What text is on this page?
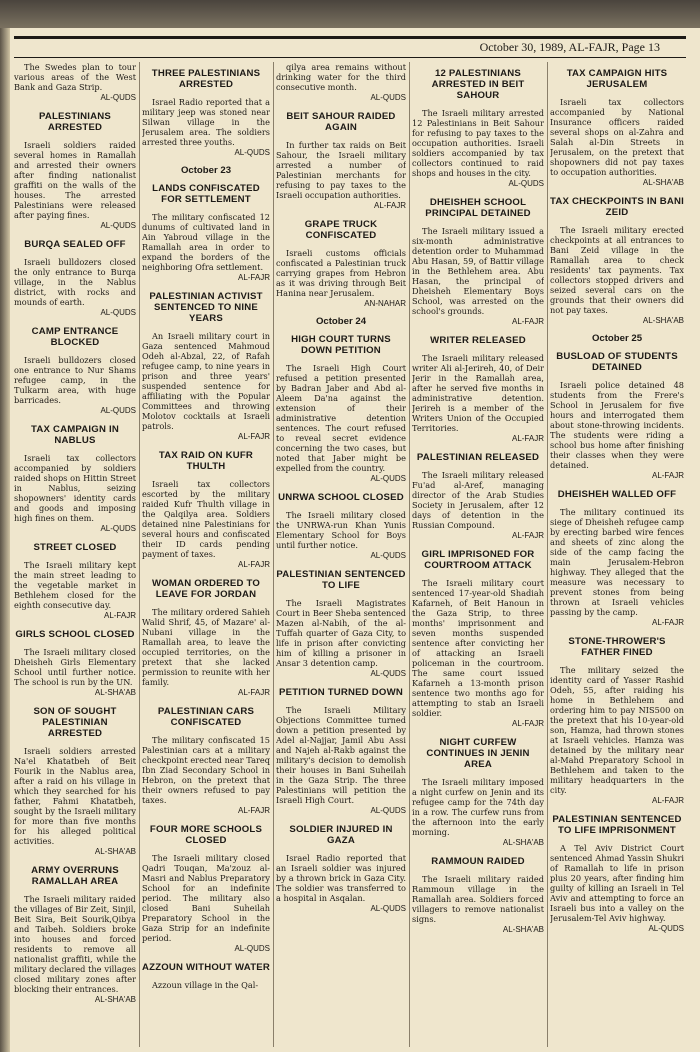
October 30, 1989, AL-FAJR, Page 13

The Swedes plan to tour various areas of the West Bank and Gaza Strip.

AL-QUDS
PALESTINIANS ARRESTED

Israeli soldiers raided several homes in Ramallah and arrested their owners after finding nationalist graffiti on the walls of the houses. The arrested Palestinians were released after paying fines.

AL-QUDS
BURQA SEALED OFF

Israeli bulldozers closed the only entrance to Burqa village, in the Nablus district, with rocks and mounds of earth.

AL-QUDS
CAMP ENTRANCE BLOCKED

Israeli bulldozers closed one entrance to Nur Shams refugee camp, in the Tulkarm area, with huge barricades.

AL-QUDS
TAX CAMPAIGN IN NABLUS

Israeli tax collectors accompanied by soldiers raided shops on Hittin Street in Nablus, seizing shopowners' identity cards and goods and imposing high fines on them.

AL-QUDS
STREET CLOSED

The Israeli military kept the main street leading to the vegetable market in Bethlehem closed for the eighth consecutive day.

AL-FAJR
GIRLS SCHOOL CLOSED

The Israeli military closed Dheisheh Girls Elementary School until further notice. The school is run by the UN.

AL-SHA'AB
SON OF SOUGHT PALESTINIAN ARRESTED

Israeli soldiers arrested Na'el Khatatbeh of Beit Fourik in the Nablus area, after a raid on his village in which they searched for his father, Fahmi Khatatbeh, sought by the Israeli military for more than five months for his alleged political activities.

AL-SHA'AB
ARMY OVERRUNS RAMALLAH AREA

The Israeli military raided the villages of Bir Zeit, Sinjil, Beit Sira, Beit Sourik,Qibya and Taibeh. Soldiers broke into houses and forced residents to remove all nationalist graffiti, while the military declared the villages closed military zones after blocking their entrances.

AL-SHA'AB
THREE PALESTINIANS ARRESTED

Israel Radio reported that a military jeep was stoned near Silwan village in the Jerusalem area. The soldiers arrested three youths.

AL-QUDS
October 23
LANDS CONFISCATED FOR SETTLEMENT

The military confiscated 12 dunums of cultivated land in Ain Yabroud village in the Ramallah area in order to expand the borders of the neighboring Ofra settlement.

AL-FAJR
PALESTINIAN ACTIVIST SENTENCED TO NINE YEARS

An Israeli military court in Gaza sentenced Mahmoud Odeh al-Abzal, 22, of Rafah refugee camp, to nine years in prison and three years' suspended sentence for affiliating with the Popular Committees and throwing Molotov cocktails at Israeli patrols.

AL-FAJR
TAX RAID ON KUFR THULTH

Israeli tax collectors escorted by the military raided Kufr Thulth village in the Qalqilya area. Soldiers detained nine Palestinians for several hours and confiscated their ID cards pending payment of taxes.

AL-FAJR
WOMAN ORDERED TO LEAVE FOR JORDAN

The military ordered Sahieh Walid Shrif, 45, of Mazare' al-Nubani village in the Ramallah area, to leave the occupied territories, on the pretext that she lacked permission to reunite with her family.

AL-FAJR
PALESTINIAN CARS CONFISCATED

The military confiscated 15 Palestinian cars at a military checkpoint erected near Tareq Ibn Ziad Secondary School in Hebron, on the pretext that their owners refused to pay taxes.

AL-FAJR
FOUR MORE SCHOOLS CLOSED

The Israeli military closed Qadri Touqan, Ma'zouz al-Masri and Nablus Preparatory School for an indefinite period. The military also closed Bani Suheilah Preparatory School in the Gaza Strip for an indefinite period.

AL-QUDS
AZZOUN WITHOUT WATER

Azzoun village in the Qal-

qilya area remains without drinking water for the third consecutive month.

AL-QUDS
BEIT SAHOUR RAIDED AGAIN

In further tax raids on Beit Sahour, the Israeli military arrested a number of Palestinian merchants for refusing to pay taxes to the Israeli occupation authorities.

AL-FAJR
GRAPE TRUCK CONFISCATED

Israeli customs officials confiscated a Palestinian truck carrying grapes from Hebron as it was driving through Beit Hanina near Jerusalem.

AN-NAHAR
October 24
HIGH COURT TURNS DOWN PETITION

The Israeli High Court refused a petition presented by Badran Jaber and Abd al-Aleem Da'na against the extension of their administrative detention sentences. The court refused to reveal secret evidence concerning the two cases, but noted that Jaber might be expelled from the country.

AL-QUDS
UNRWA SCHOOL CLOSED

The Israeli military closed the UNRWA-run Khan Yunis Elementary School for Boys until further notice.

AL-QUDS
PALESTINIAN SENTENCED TO LIFE

The Israeli Magistrates Court in Beer Sheba sentenced Mazen al-Nabih, of the al-Tuffah quarter of Gaza City, to life in prison after convicting him of killing a prisoner in Ansar 3 detention camp.

AL-QUDS
PETITION TURNED DOWN

The Israeli Military Objections Committee turned down a petition presented by Adel al-Najjar, Jamil Abu Assi and Najeh al-Rakb against the military's decision to demolish their houses in Bani Suheilah in the Gaza Strip. The three Palestinians will petition the Israeli High Court.

AL-QUDS
SOLDIER INJURED IN GAZA

Israel Radio reported that an Israeli soldier was injured by a thrown brick in Gaza City. The soldier was transferred to a hospital in Asqalan.

AL-QUDS
12 PALESTINIANS ARRESTED IN BEIT SAHOUR

The Israeli military arrested 12 Palestinians in Beit Sahour for refusing to pay taxes to the occupation authorities. Israeli soldiers accompanied by tax collectors continued to raid shops and houses in the city.

AL-QUDS
DHEISHEH SCHOOL PRINCIPAL DETAINED

The Israeli military issued a six-month administrative detention order to Muhammad Abu Hasan, 59, of Battir village in the Bethlehem area. Abu Hasan, the principal of Dheisheh Elementary Boys School, was arrested on the school's grounds.

AL-FAJR
WRITER RELEASED

The Israeli military released writer Ali al-Jerireh, 40, of Deir Jerir in the Ramallah area, after he served five months in administrative detention. Jerireh is a member of the Writers Union of the Occupied Territories.

AL-FAJR
PALESTINIAN RELEASED

The Israeli military released Fu'ad al-Aref, managing director of the Arab Studies Society in Jerusalem, after 12 days of detention in the Russian Compound.

AL-FAJR
GIRL IMPRISONED FOR COURTROOM ATTACK

The Israeli military court sentenced 17-year-old Shadiah Kafarneh, of Beit Hanoun in the Gaza Strip, to three months' imprisonment and seven months suspended sentence after convicting her of attacking an Israeli policeman in the courtroom. The same court issued Kafarneh a 13-month prison sentence two months ago for attempting to stab an Israeli soldier.

AL-FAJR
NIGHT CURFEW CONTINUES IN JENIN AREA

The Israeli military imposed a night curfew on Jenin and its refugee camp for the 74th day in a row. The curfew runs from the afternoon into the early morning.

AL-SHA'AB
RAMMOUN RAIDED

The Israeli military raided Rammoun village in the Ramallah area. Soldiers forced villagers to remove nationalist signs.

AL-SHA'AB
TAX CAMPAIGN HITS JERUSALEM

Israeli tax collectors accompanied by National Insurance officers raided several shops on al-Zahra and Salah al-Din Streets in Jerusalem, on the pretext that shopowners did not pay taxes to occupation authorities.

AL-SHA'AB
TAX CHECKPOINTS IN BANI ZEID

The Israeli military erected checkpoints at all entrances to Bani Zeid village in the Ramallah area to check residents' tax payments. Tax collectors stopped drivers and seized several cars on the grounds that their owners did not pay taxes.

AL-SHA'AB
October 25
BUSLOAD OF STUDENTS DETAINED

Israeli police detained 48 students from the Frere's School in Jerusalem for five hours and interrogated them about stone-throwing incidents. The students were riding a school bus home after finishing their classes when they were detained.

AL-FAJR
DHEISHEH WALLED OFF

The military continued its siege of Dheisheh refugee camp by erecting barbed wire fences and sheets of zinc along the side of the camp facing the main Jerusalem-Hebron highway. They alleged that the measure was necessary to prevent stones from being thrown at Israeli vehicles passing by the camp.

AL-FAJR
STONE-THROWER'S FATHER FINED

The military seized the identity card of Yasser Rashid Odeh, 55, after raiding his home in Bethlehem and ordering him to pay NIS500 on the pretext that his 10-year-old son, Hamza, had thrown stones at Israeli vehicles. Hamza was detained by the military near al-Mahd Preparatory School in Bethlehem and taken to the military headquarters in the city.

AL-FAJR
PALESTINIAN SENTENCED TO LIFE IMPRISONMENT

A Tel Aviv District Court sentenced Ahmad Yassin Shukri of Ramallah to life in prison plus 20 years, after finding him guilty of killing an Israeli in Tel Aviv and attempting to force an Israeli bus into a valley on the Jerusalem-Tel Aviv highway.

AL-QUDS
